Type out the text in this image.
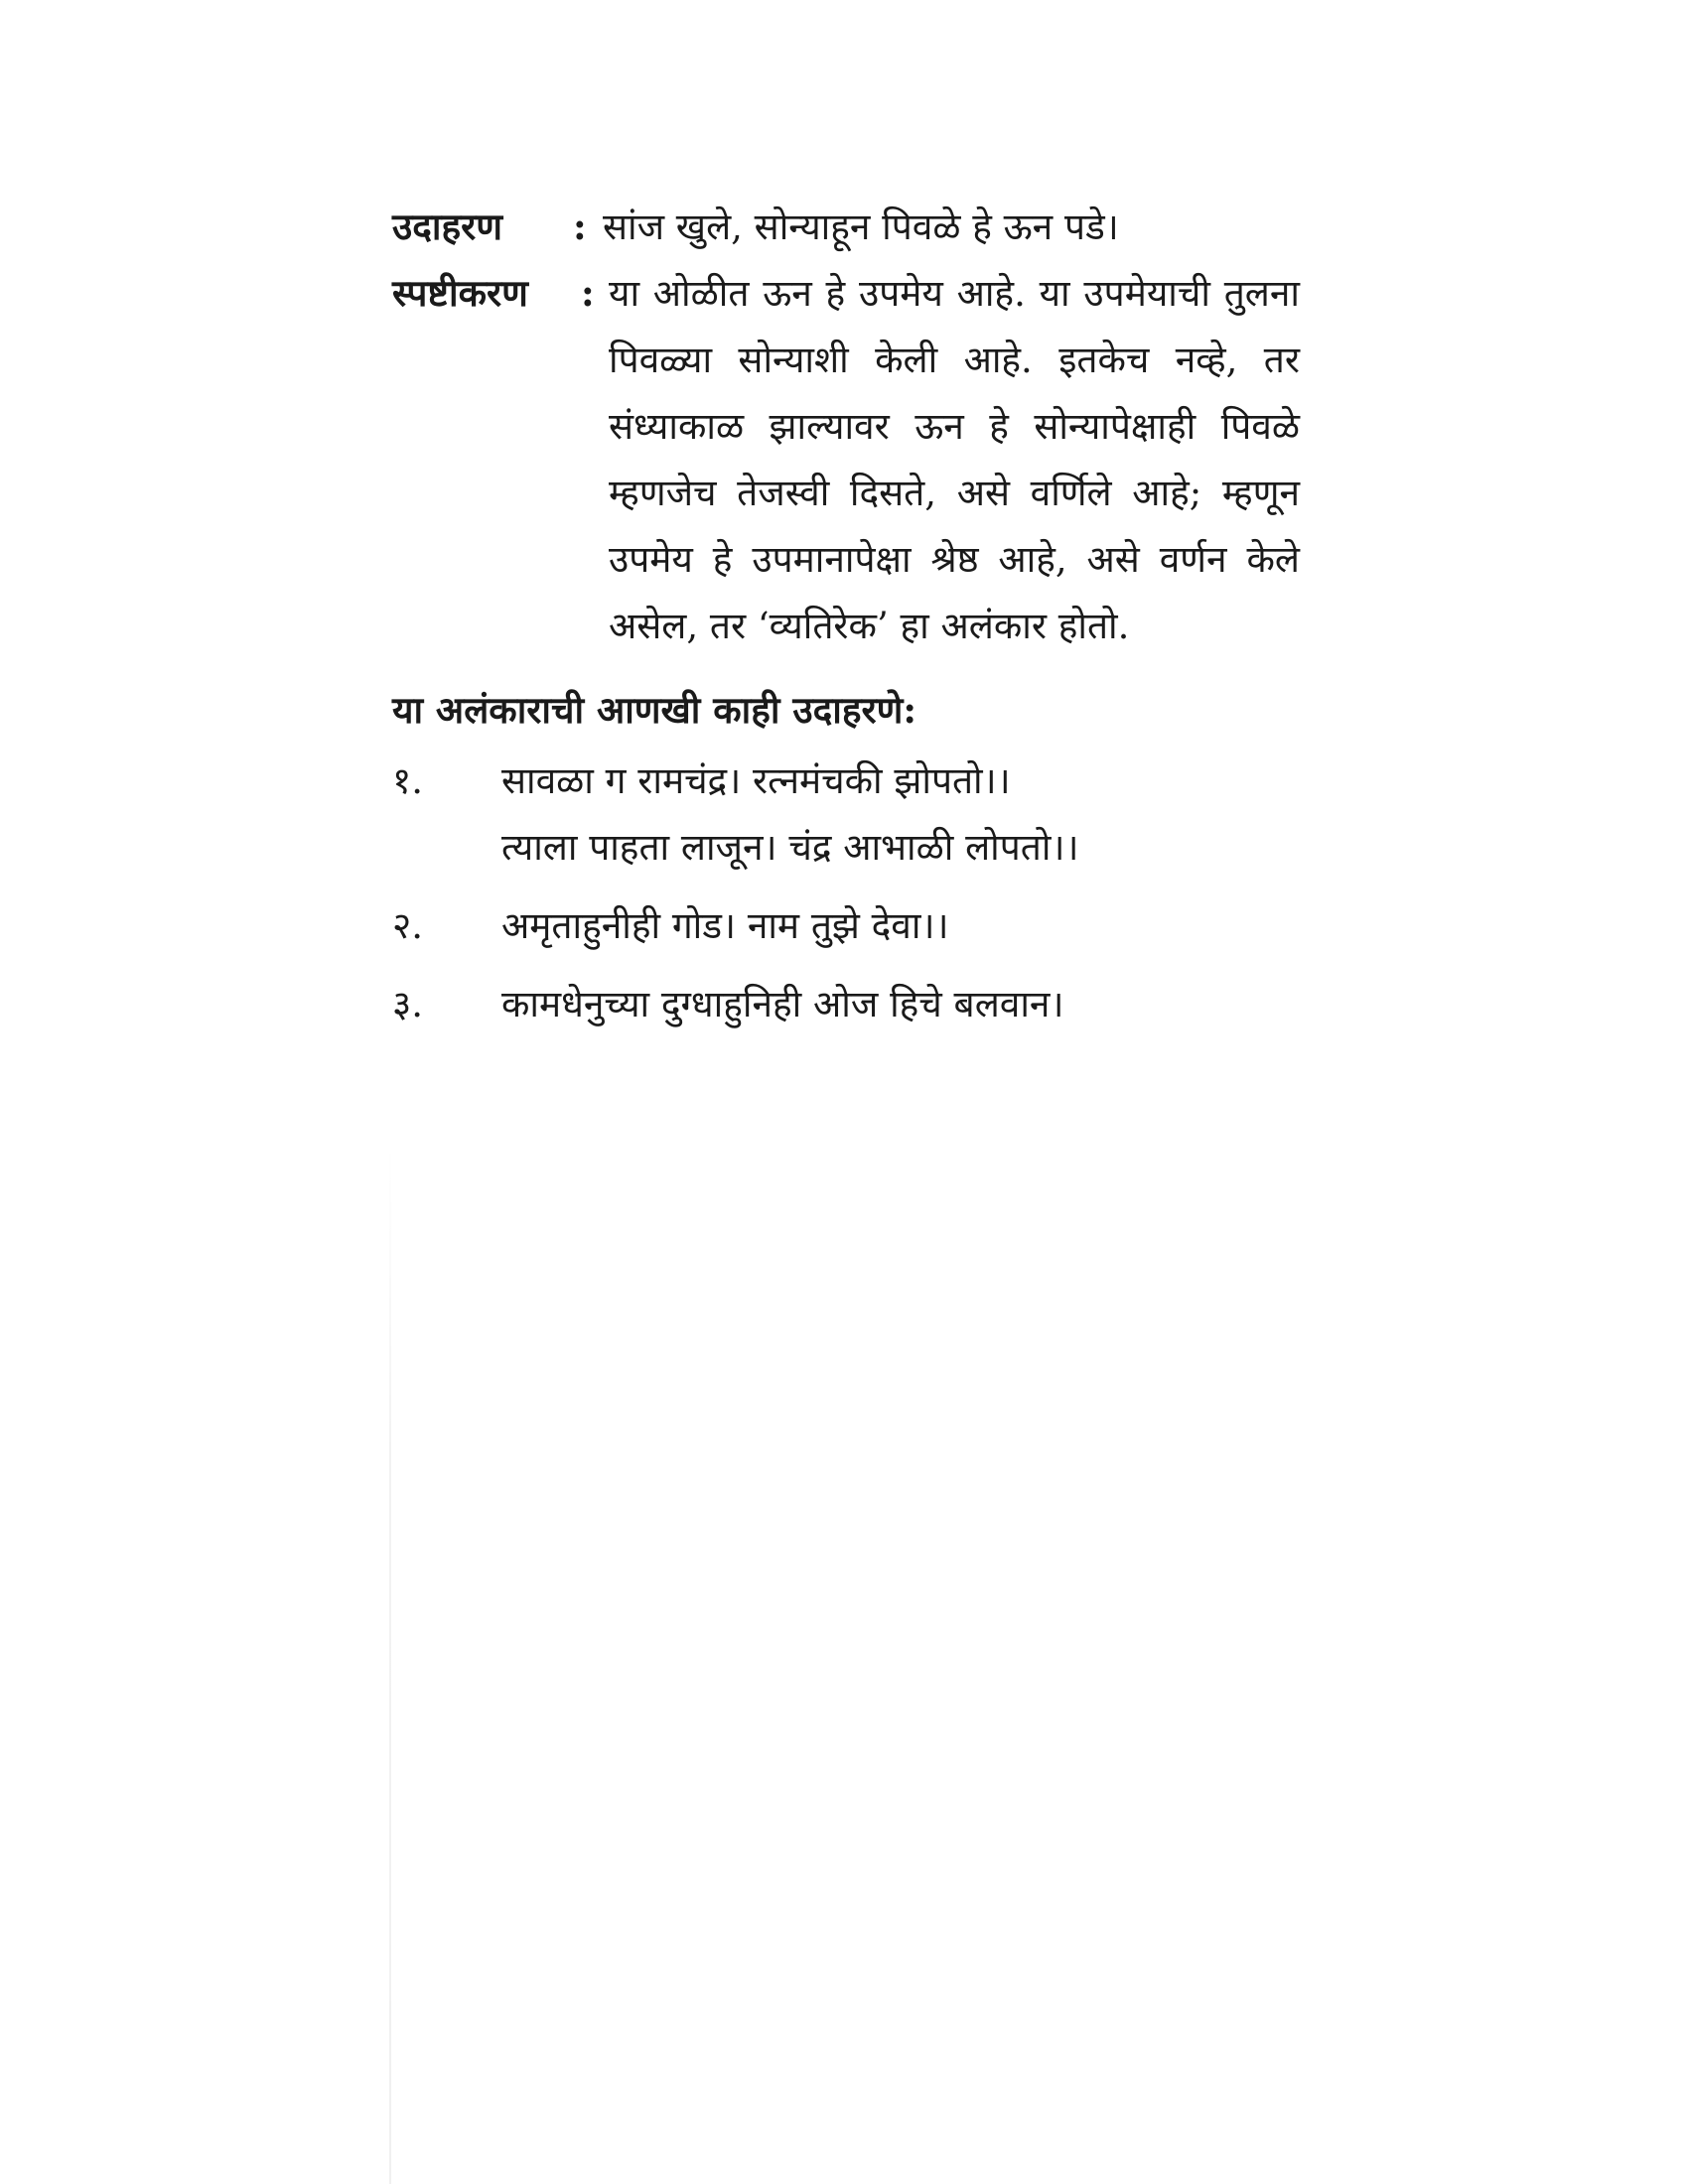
उदाहरण	: सांज खुले, सोन्याहून पिवळे हे ऊन पडे।
स्पष्टीकरण	: या ओळीत ऊन हे उपमेय आहे. या उपमेयाची तुलना पिवळ्या सोन्याशी केली आहे. इतकेच नव्हे, तर संध्याकाळ झाल्यावर ऊन हे सोन्यापेक्षाही पिवळे म्हणजेच तेजस्वी दिसते, असे वर्णिले आहे; म्हणून उपमेय हे उपमानापेक्षा श्रेष्ठ आहे, असे वर्णन केले असेल, तर ‘व्यतिरेक’ हा अलंकार होतो.
या अलंकाराची आणखी काही उदाहरणे:
१.	सावळा ग रामचंद्र। रत्नमंचकी झोपतो।।
त्याला पाहता लाजून। चंद्र आभाळी लोपतो।।
२.	अमृताहुनीही गोड। नाम तुझे देवा।।
३.	कामधेनुच्या दुग्धाहुनिही ओज हिचे बलवान।
